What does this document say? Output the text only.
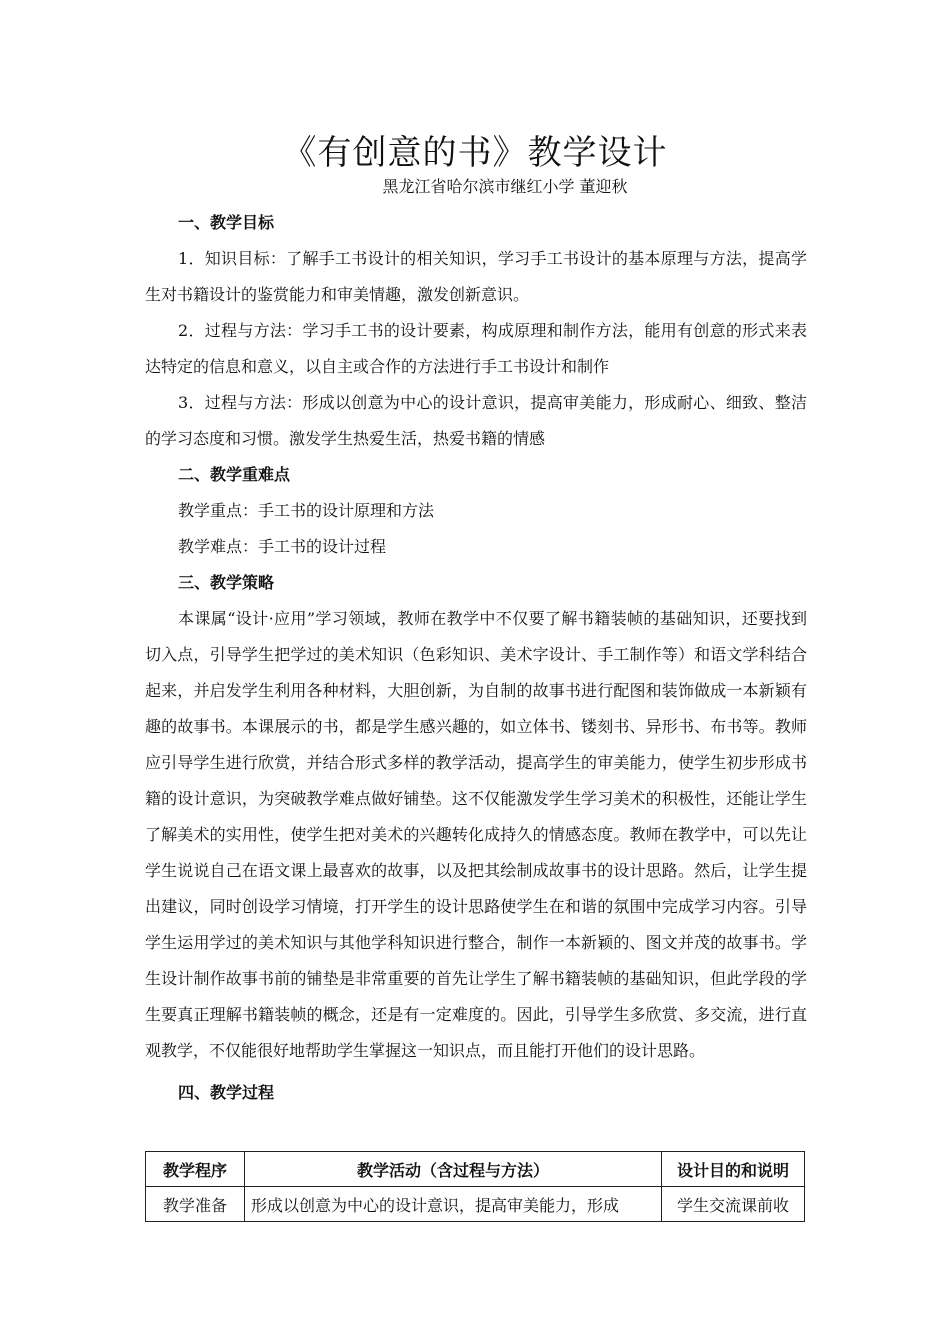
《有创意的书》教学设计
黑龙江省哈尔滨市继红小学 董迎秋
一、教学目标

1．知识目标：了解手工书设计的相关知识，学习手工书设计的基本原理与方法，提高学生对书籍设计的鉴赏能力和审美情趣，激发创新意识。

2．过程与方法：学习手工书的设计要素，构成原理和制作方法，能用有创意的形式来表达特定的信息和意义，以自主或合作的方法进行手工书设计和制作

3．过程与方法：形成以创意为中心的设计意识，提高审美能力，形成耐心、细致、整洁的学习态度和习惯。激发学生热爱生活，热爱书籍的情感

二、教学重难点
教学重点：手工书的设计原理和方法
教学难点：手工书的设计过程
三、教学策略

本课属“设计·应用”学习领域，教师在教学中不仅要了解书籍装帧的基础知识，还要找到切入点，引导学生把学过的美术知识（色彩知识、美术字设计、手工制作等）和语文学科结合起来，并启发学生利用各种材料，大胆创新，为自制的故事书进行配图和装饰做成一本新颖有趣的故事书。本课展示的书，都是学生感兴趣的，如立体书、镂刻书、异形书、布书等。教师应引导学生进行欣赏，并结合形式多样的教学活动，提高学生的审美能力，使学生初步形成书籍的设计意识，为突破教学难点做好铺垫。这不仅能激发学生学习美术的积极性，还能让学生了解美术的实用性，使学生把对美术的兴趣转化成持久的情感态度。教师在教学中，可以先让学生说说自己在语文课上最喜欢的故事，以及把其绘制成故事书的设计思路。然后，让学生提出建议，同时创设学习情境，打开学生的设计思路使学生在和谐的氛围中完成学习内容。引导学生运用学过的美术知识与其他学科知识进行整合，制作一本新颖的、图文并茂的故事书。学生设计制作故事书前的铺垫是非常重要的首先让学生了解书籍装帧的基础知识，但此学段的学生要真正理解书籍装帧的概念，还是有一定难度的。因此，引导学生多欣赏、多交流，进行直观教学，不仅能很好地帮助学生掌握这一知识点，而且能打开他们的设计思路。

四、教学过程
教学程序	教学活动（含过程与方法）	设计目的和说明
教学准备	形成以创意为中心的设计意识，提高审美能力，形成	学生交流课前收
